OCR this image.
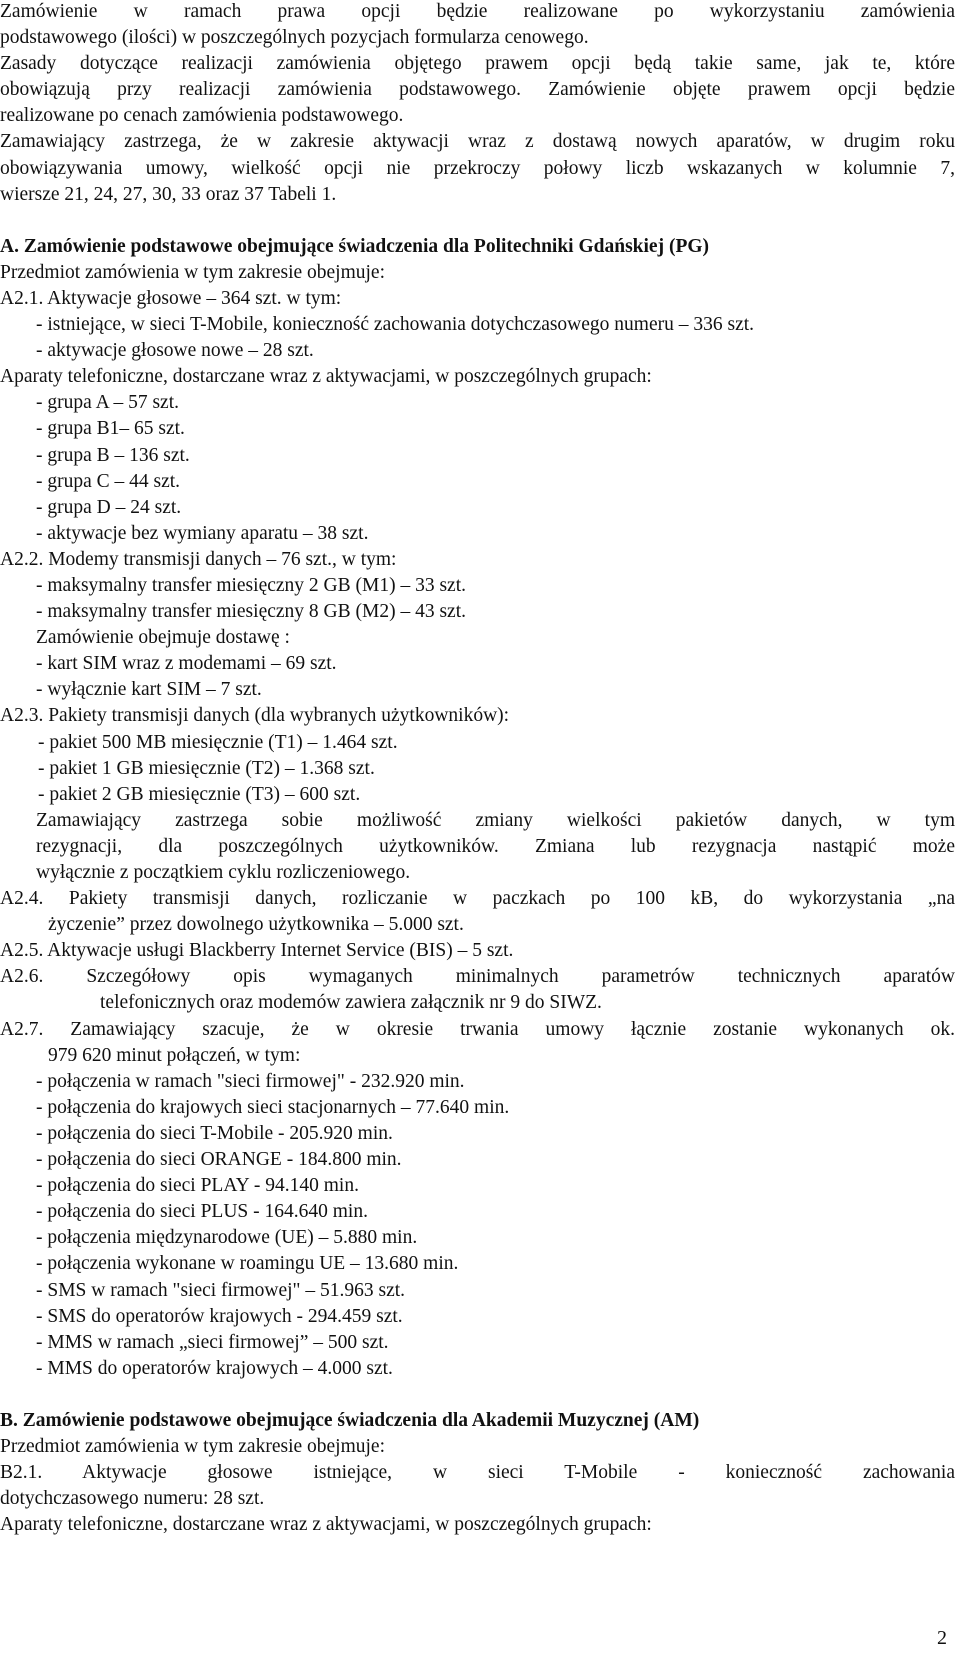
Zamówienie w ramach prawa opcji będzie realizowane po wykorzystaniu zamówienia
podstawowego (ilości) w poszczególnych pozycjach formularza cenowego.
Zasady dotyczące realizacji zamówienia objętego prawem opcji będą takie same, jak te, które
obowiązują przy realizacji zamówienia podstawowego. Zamówienie objęte prawem opcji będzie
realizowane po cenach zamówienia podstawowego.
Zamawiający zastrzega, że w zakresie aktywacji wraz z dostawą nowych aparatów, w drugim roku
obowiązywania umowy, wielkość opcji nie przekroczy połowy liczb wskazanych w kolumnie 7,
wiersze 21, 24, 27, 30, 33 oraz 37 Tabeli 1.
A. Zamówienie podstawowe obejmujące świadczenia dla Politechniki Gdańskiej (PG)
Przedmiot zamówienia w tym zakresie obejmuje:
A2.1. Aktywacje głosowe – 364 szt. w tym:
- istniejące, w sieci T-Mobile, konieczność zachowania dotychczasowego numeru – 336 szt.
- aktywacje głosowe nowe – 28 szt.
Aparaty telefoniczne, dostarczane wraz z aktywacjami, w poszczególnych grupach:
- grupa A – 57 szt.
- grupa B1– 65 szt.
- grupa B – 136 szt.
- grupa C – 44 szt.
- grupa D – 24 szt.
- aktywacje bez wymiany aparatu – 38 szt.
A2.2. Modemy transmisji danych – 76 szt., w tym:
- maksymalny transfer miesięczny 2 GB (M1) – 33 szt.
- maksymalny transfer miesięczny 8 GB (M2) – 43 szt.
Zamówienie obejmuje dostawę :
- kart SIM wraz z modemami – 69 szt.
- wyłącznie kart SIM – 7 szt.
A2.3. Pakiety transmisji danych (dla wybranych użytkowników):
- pakiet 500 MB miesięcznie (T1) – 1.464 szt.
- pakiet 1 GB miesięcznie (T2) – 1.368 szt.
- pakiet 2 GB miesięcznie (T3) – 600 szt.
Zamawiający zastrzega sobie możliwość zmiany wielkości pakietów danych, w tym
rezygnacji, dla poszczególnych użytkowników. Zmiana lub rezygnacja nastąpić może
wyłącznie z początkiem cyklu rozliczeniowego.
A2.4. Pakiety transmisji danych, rozliczanie w paczkach po 100 kB, do wykorzystania „na
życzenie” przez dowolnego użytkownika – 5.000 szt.
A2.5. Aktywacje usługi Blackberry Internet Service (BIS) – 5 szt.
A2.6. Szczegółowy opis wymaganych minimalnych parametrów technicznych aparatów
telefonicznych oraz modemów zawiera załącznik nr 9 do SIWZ.
A2.7. Zamawiający szacuje, że w okresie trwania umowy łącznie zostanie wykonanych ok.
979 620 minut połączeń, w tym:
- połączenia w ramach "sieci firmowej" - 232.920 min.
- połączenia do krajowych sieci stacjonarnych – 77.640 min.
- połączenia do sieci T-Mobile - 205.920 min.
- połączenia do sieci ORANGE - 184.800 min.
- połączenia do sieci PLAY - 94.140 min.
- połączenia do sieci PLUS - 164.640 min.
- połączenia międzynarodowe (UE) – 5.880 min.
- połączenia wykonane w roamingu UE – 13.680 min.
- SMS w ramach "sieci firmowej" – 51.963 szt.
- SMS do operatorów krajowych - 294.459 szt.
- MMS w ramach „sieci firmowej” – 500 szt.
- MMS do operatorów krajowych – 4.000 szt.
B. Zamówienie podstawowe obejmujące świadczenia dla Akademii Muzycznej (AM)
Przedmiot zamówienia w tym zakresie obejmuje:
B2.1. Aktywacje głosowe istniejące, w sieci T-Mobile - konieczność zachowania
dotychczasowego numeru: 28 szt.
Aparaty telefoniczne, dostarczane wraz z aktywacjami, w poszczególnych grupach:
2
